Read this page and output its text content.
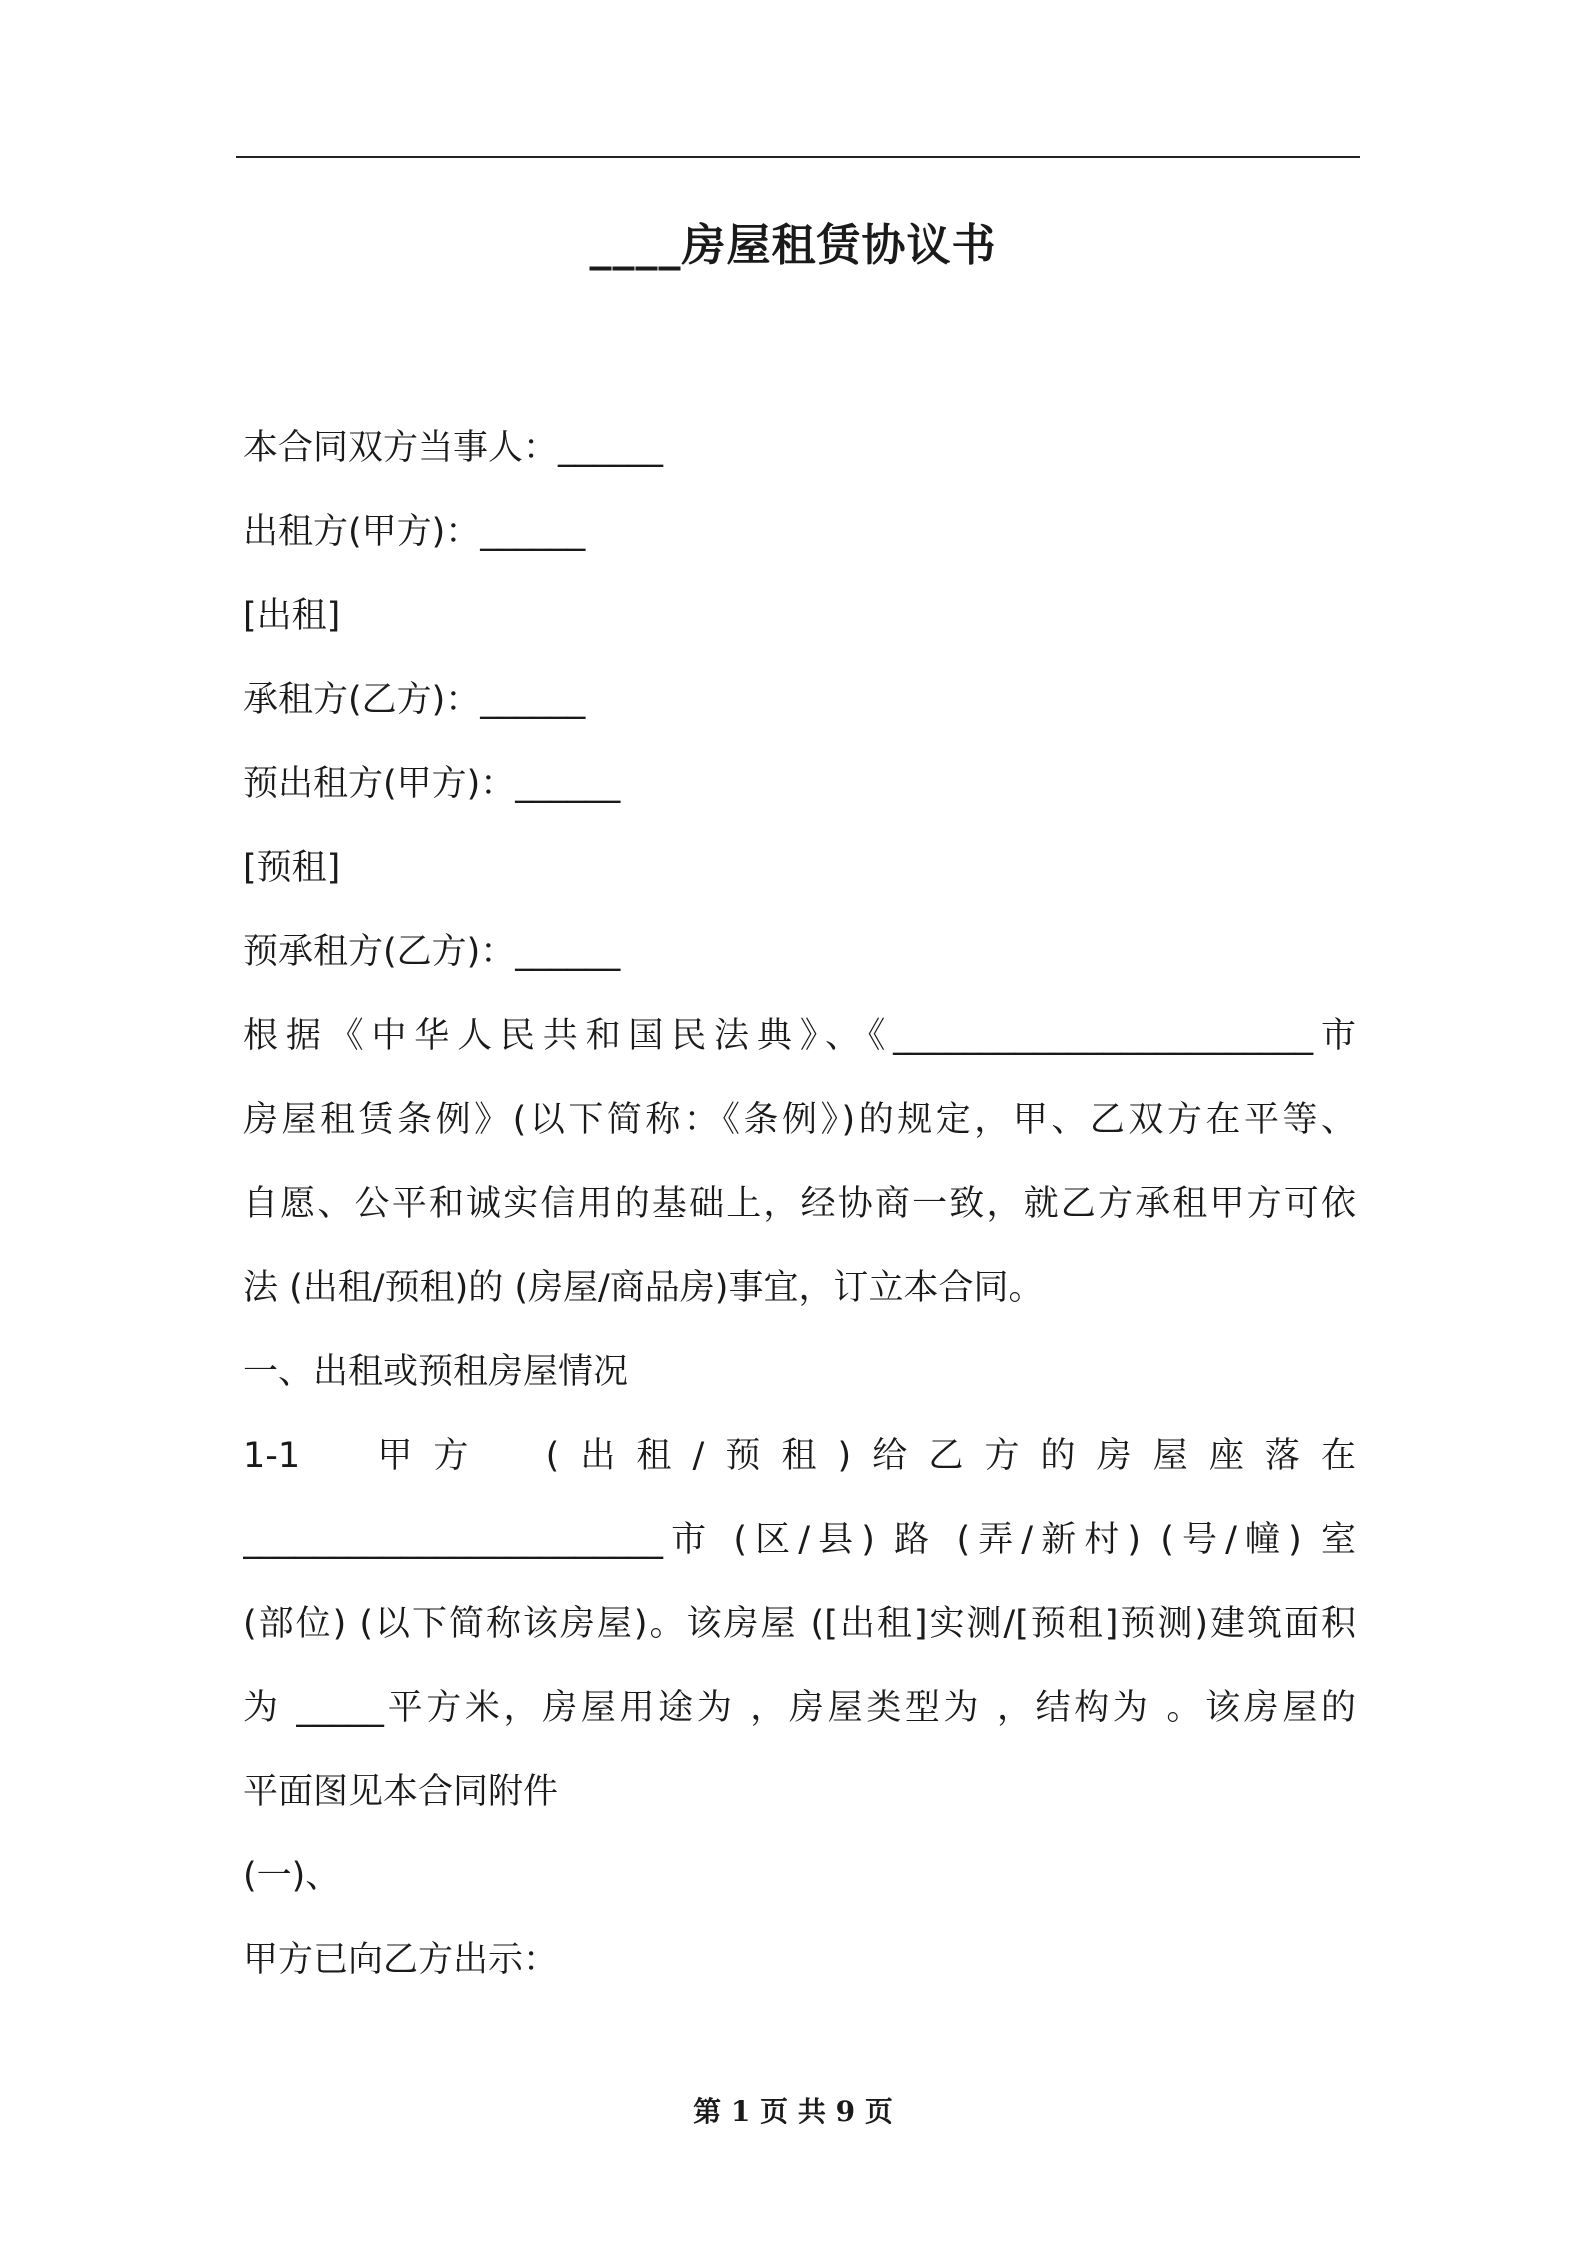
____房屋租赁协议书
本合同双方当事人：______
出租方(甲方)：______
[出租]
承租方(乙方)：______
预出租方(甲方)：______
[预租]
预承租方(乙方)：______
根据《中华人民共和国民法典》、《________________________市
房屋租赁条例》(以下简称：《条例》)的规定，甲、乙双方在平等、
自愿、公平和诚实信用的基础上，经协商一致，就乙方承租甲方可依
法 (出租/预租)的 (房屋/商品房)事宜，订立本合同。
一、出租或预租房屋情况
1-1　甲方　(出租/预租)给乙方的房屋座落在
________________________市 (区/县) 路 (弄/新村) (号/幢) 室
(部位) (以下简称该房屋)。该房屋 ([出租]实测/[预租]预测)建筑面积
为 _____平方米，房屋用途为 ，房屋类型为 ，结构为 。该房屋的
平面图见本合同附件
(一)、
甲方已向乙方出示：
第 1 页 共 9 页
